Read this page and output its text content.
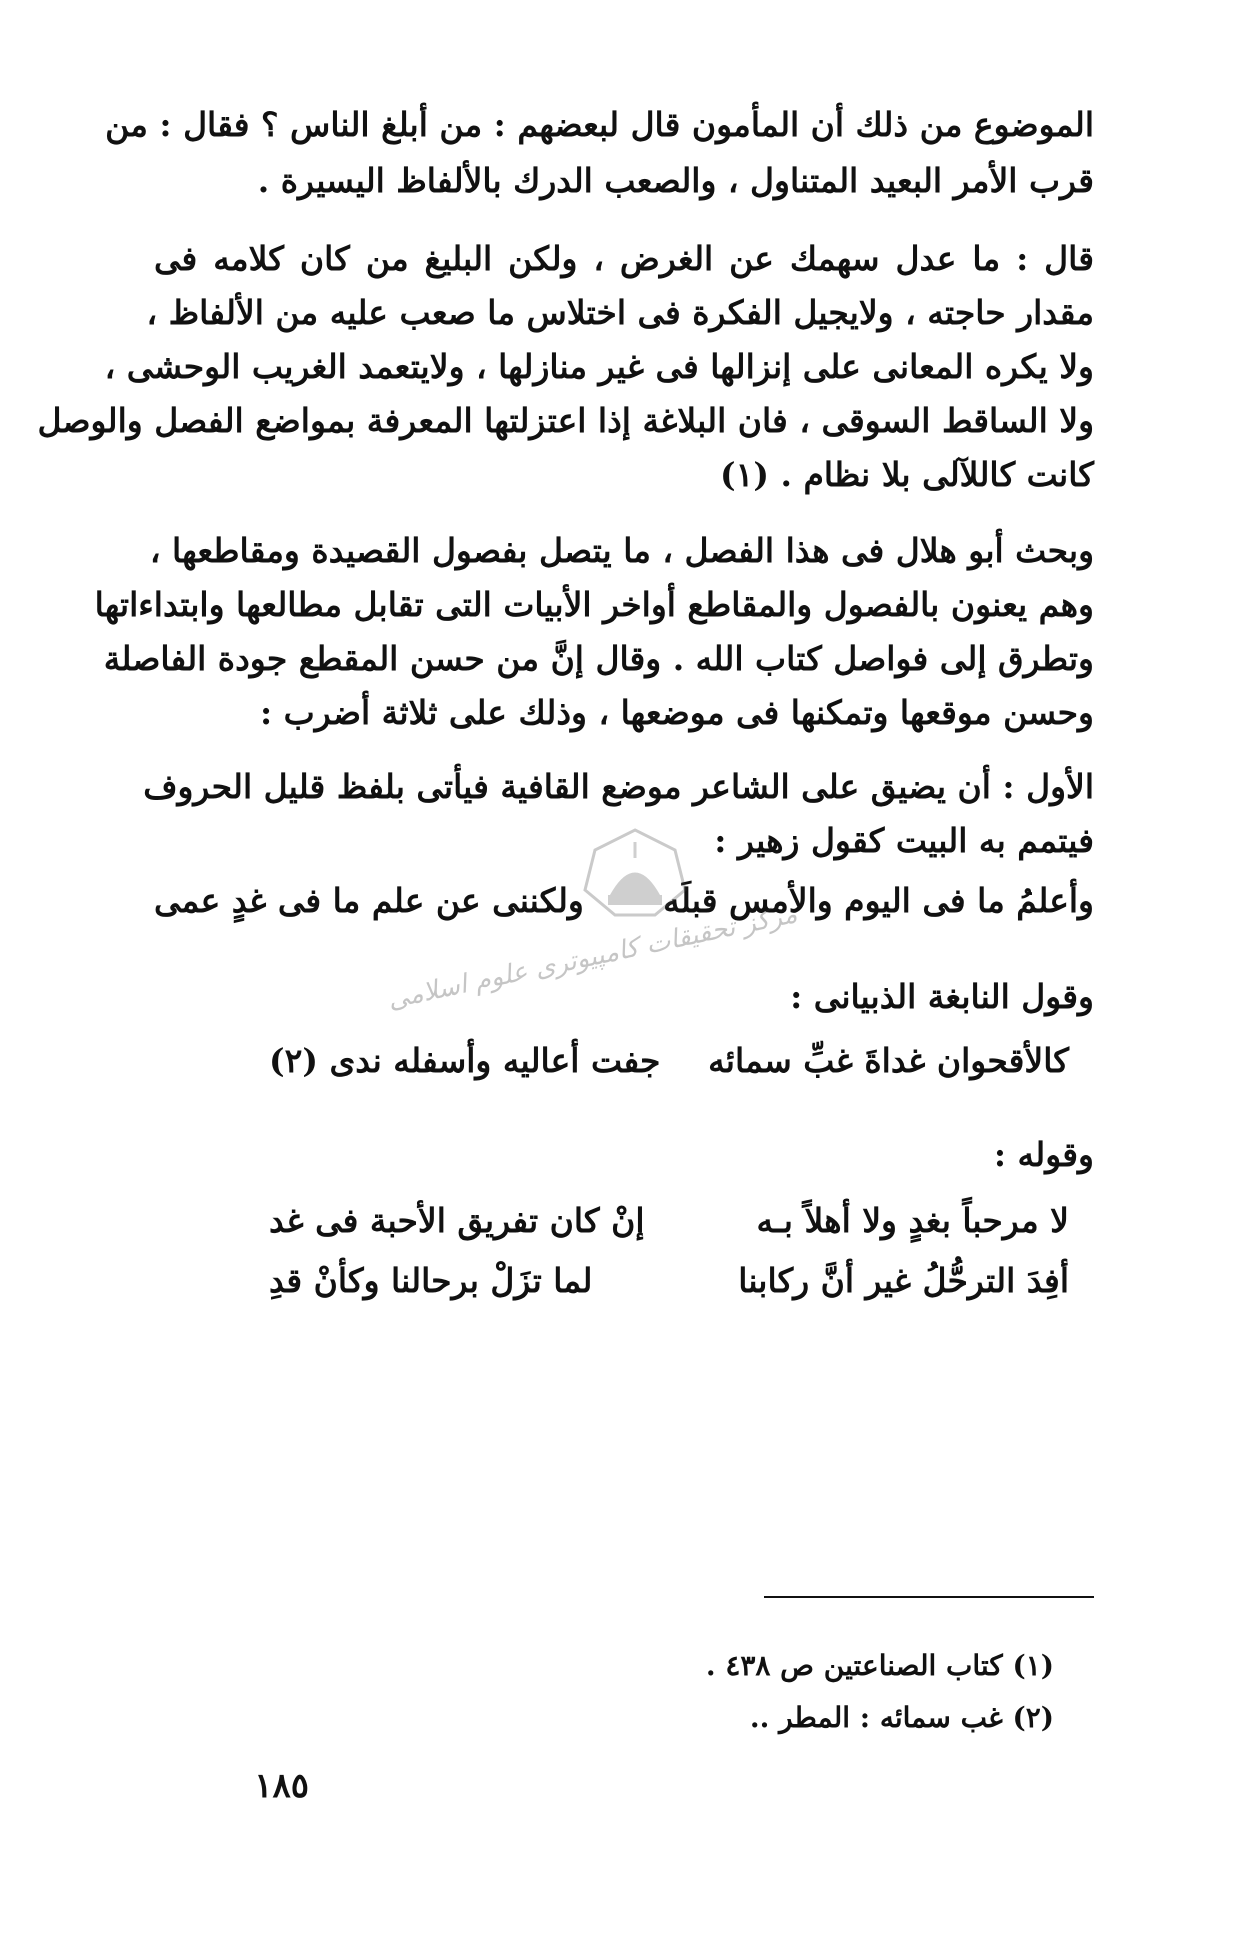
الموضوع من ذلك أن المأمون قال لبعضهم : من أبلغ الناس ؟ فقال : من
قرب الأمر البعيد المتناول ، والصعب الدرك بالألفاظ اليسيرة .
قال : ما عدل سهمك عن الغرض ، ولكن البليغ من كان كلامه فى
مقدار حاجته ، ولايجيل الفكرة فى اختلاس ما صعب عليه من الألفاظ ،
ولا يكره المعانى على إنزالها فى غير منازلها ، ولايتعمد الغريب الوحشى ،
ولا الساقط السوقى ، فان البلاغة إذا اعتزلتها المعرفة بمواضع الفصل والوصل
كانت كاللآلى بلا نظام . (١)
وبحث أبو هلال فى هذا الفصل ، ما يتصل بفصول القصيدة ومقاطعها ،
وهم يعنون بالفصول والمقاطع أواخر الأبيات التى تقابل مطالعها وابتداءاتها
وتطرق إلى فواصل كتاب الله . وقال إنَّ من حسن المقطع جودة الفاصلة
وحسن موقعها وتمكنها فى موضعها ، وذلك على ثلاثة أضرب :
الأول : أن يضيق على الشاعر موضع القافية فيأتى بلفظ قليل الحروف
فيتمم به البيت كقول زهير :
وأعلمُ ما فى اليوم والأمس قبلَه
ولكننى عن علم ما فى غدٍ عمى
وقول النابغة الذبيانى :
كالأقحوان غداةَ غبِّ سمائه
جفت أعاليه وأسفله ندى (٢)
وقوله :
لا مرحباً بغدٍ ولا أهلاً بـه
إنْ كان تفريق الأحبة فى غد
أفِدَ الترحُّلُ غير أنَّ ركابنا
لما تزَلْ برحالنا وكأنْ قدِ
(١) كتاب الصناعتين ص ٤٣٨ .
(٢) غب سمائه : المطر ..
١٨٥
مرکز تحقیقات کامپیوتری علوم اسلامی
